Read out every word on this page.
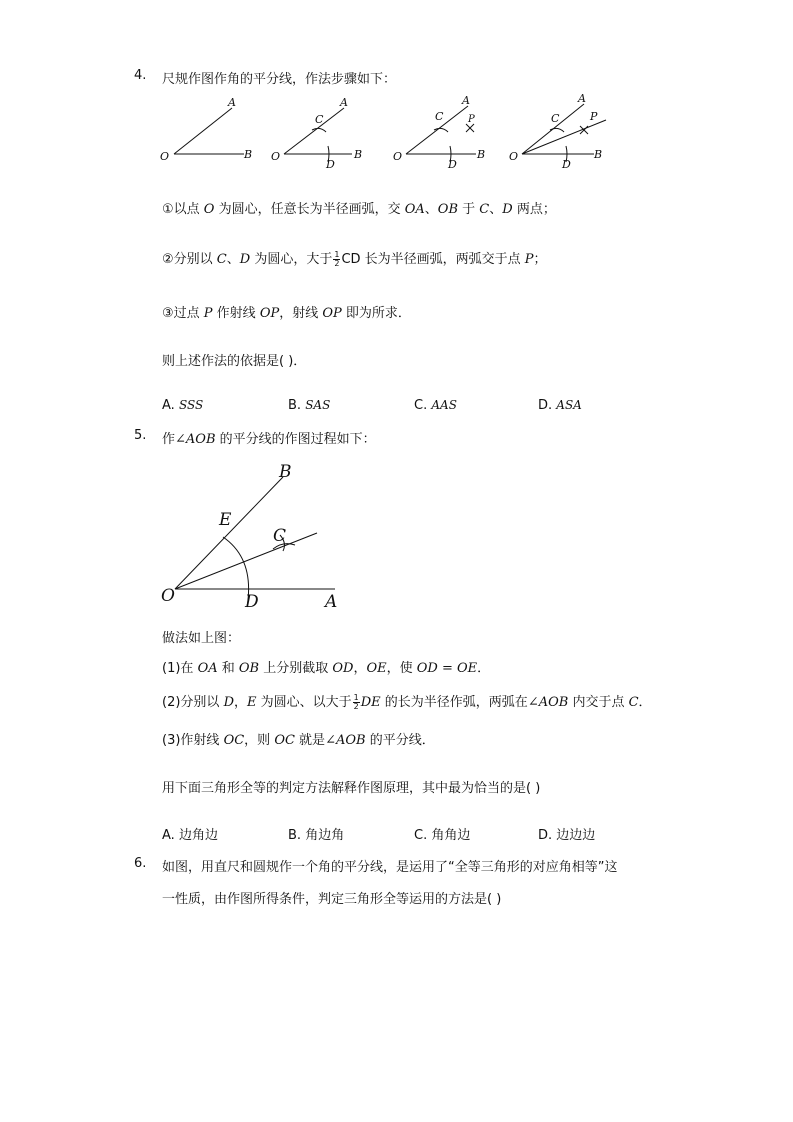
4. 尺规作图作角的平分线，作法步骤如下：
A
O	B
A
C
O
D
B
A
C P
O
D
B
A
C	P
O
D
B
①以点 O 为圆心，任意长为半径画弧，交 OA、OB 于 C、D 两点；
②分别以 C、D 为圆心，大于 $\frac{1}{2}$ CD 长为半径画弧，两弧交于点 P；
③过点 P 作射线 OP，射线 OP 即为所求．
则上述作法的依据是( )．
A. SSS	B. SAS	C. AAS	D. ASA
5. 作∠AOB 的平分线的作图过程如下：
B
E
C
O	D	A
做法如上图：
(1)在 OA 和 OB 上分别截取 OD，OE，使 OD = OE．
(2)分别以 D，E 为圆心、以大于 $\frac{1}{2}$ DE 的长为半径作弧，两弧在∠AOB 内交于点 C．
(3)作射线 OC，则 OC 就是∠AOB 的平分线．
用下面三角形全等的判定方法解释作图原理，其中最为恰当的是( )
A. 边角边	B. 角边角	C. 角角边	D. 边边边
6. 如图，用直尺和圆规作一个角的平分线，是运用了“全等三角形的对应角相等”这
一性质，由作图所得条件，判定三角形全等运用的方法是( )
